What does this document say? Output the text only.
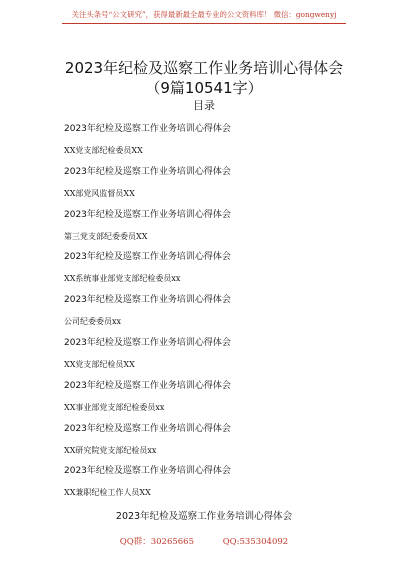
关注头条号“公文研究”，获得最新最全最专业的公文资料库！ 微信：gongwenyj
2023年纪检及巡察工作业务培训心得体会
（9篇10541字）
目录
2023年纪检及巡察工作业务培训心得体会
XX党支部纪检委员XX
2023年纪检及巡察工作业务培训心得体会
XX部党风监督员XX
2023年纪检及巡察工作业务培训心得体会
第三党支部纪委委员XX
2023年纪检及巡察工作业务培训心得体会
XX系统事业部党支部纪检委员xx
2023年纪检及巡察工作业务培训心得体会
公司纪委委员xx
2023年纪检及巡察工作业务培训心得体会
XX党支部纪检员XX
2023年纪检及巡察工作业务培训心得体会
XX事业部党支部纪检委员xx
2023年纪检及巡察工作业务培训心得体会
XX研究院党支部纪检员xx
2023年纪检及巡察工作业务培训心得体会
XX兼职纪检工作人员XX
2023年纪检及巡察工作业务培训心得体会
QQ群：30265665	QQ:535304092
